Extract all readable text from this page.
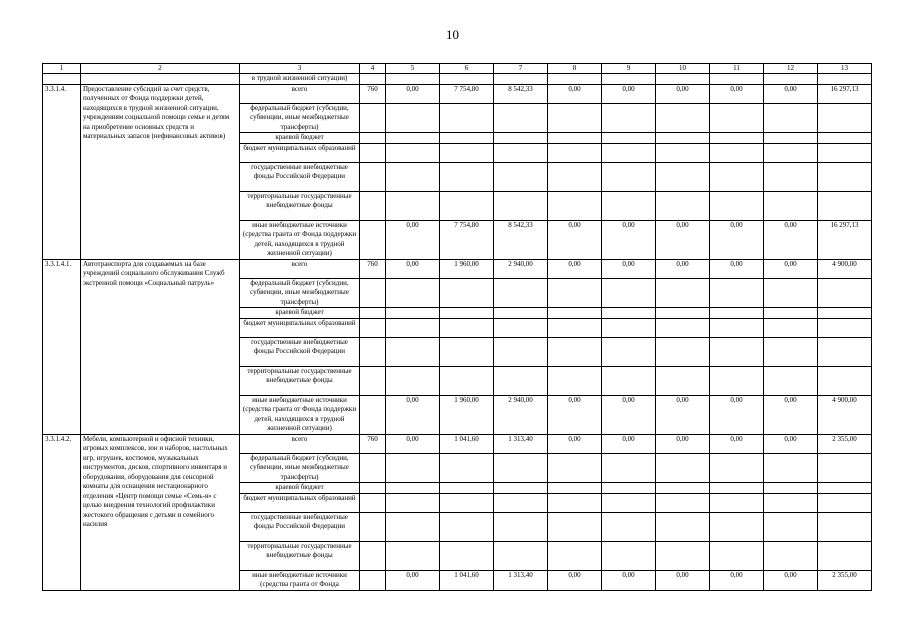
10
1	2	3	4	5	6	7	8	9	10	11	12	13
		в трудной жизненной ситуации)										
3.3.1.4.	Предоставление субсидий за счет средств, полученных от Фонда поддержки детей, находящихся в трудной жизненной ситуации, учреждениям социальной помощи семье и детям на приобретение основных средств и материальных запасов (нефинансовых активов)	всего	760	0,00	7 754,80	8 542,33	0,00	0,00	0,00	0,00	0,00	16 297,13
		федеральный бюджет (субсидии, субвенции, иные межбюджетные трансферты)										
		краевой бюджет										
		бюджет муниципальных образований										
		государственные внебюджетные фонды Российской Федерации										
		территориальные государственные внебюджетные фонды										
		иные внебюджетные источники (средства гранта от Фонда поддержки детей, находящихся в трудной жизненной ситуации)		0,00	7 754,80	8 542,33	0,00	0,00	0,00	0,00	0,00	16 297,13
3.3.1.4.1.	Автотранспорта для создаваемых на базе учреждений социального обслуживания Служб экстренной помощи «Социальный патруль»	всего	760	0,00	1 960,00	2 940,00	0,00	0,00	0,00	0,00	0,00	4 900,00
		федеральный бюджет (субсидии, субвенции, иные межбюджетные трансферты)										
		краевой бюджет										
		бюджет муниципальных образований										
		государственные внебюджетные фонды Российской Федерации										
		территориальные государственные внебюджетные фонды										
		иные внебюджетные источники (средства гранта от Фонда поддержки детей, находящихся в трудной жизненной ситуации)		0,00	1 960,00	2 940,00	0,00	0,00	0,00	0,00	0,00	4 900,00
3.3.1.4.2.	Мебели, компьютерной и офисной техники, игровых комплексов, зон и наборов, настольных игр, игрушек, костюмов, музыкальных инструментов, дисков, спортивного инвентаря и оборудования, оборудования для сенсорной комнаты для оснащения нестационарного отделения «Центр помощи семье «Семь-я» с целью внедрения технологий профилактики жестокого обращения с детьми и семейного насилия	всего	760	0,00	1 041,60	1 313,40	0,00	0,00	0,00	0,00	0,00	2 355,00
		федеральный бюджет (субсидии, субвенции, иные межбюджетные трансферты)										
		краевой бюджет										
		бюджет муниципальных образований										
		государственные внебюджетные фонды Российской Федерации										
		территориальные государственные внебюджетные фонды										
		иные внебюджетные источники (средства гранта от Фонда		0,00	1 041,60	1 313,40	0,00	0,00	0,00	0,00	0,00	2 355,00
